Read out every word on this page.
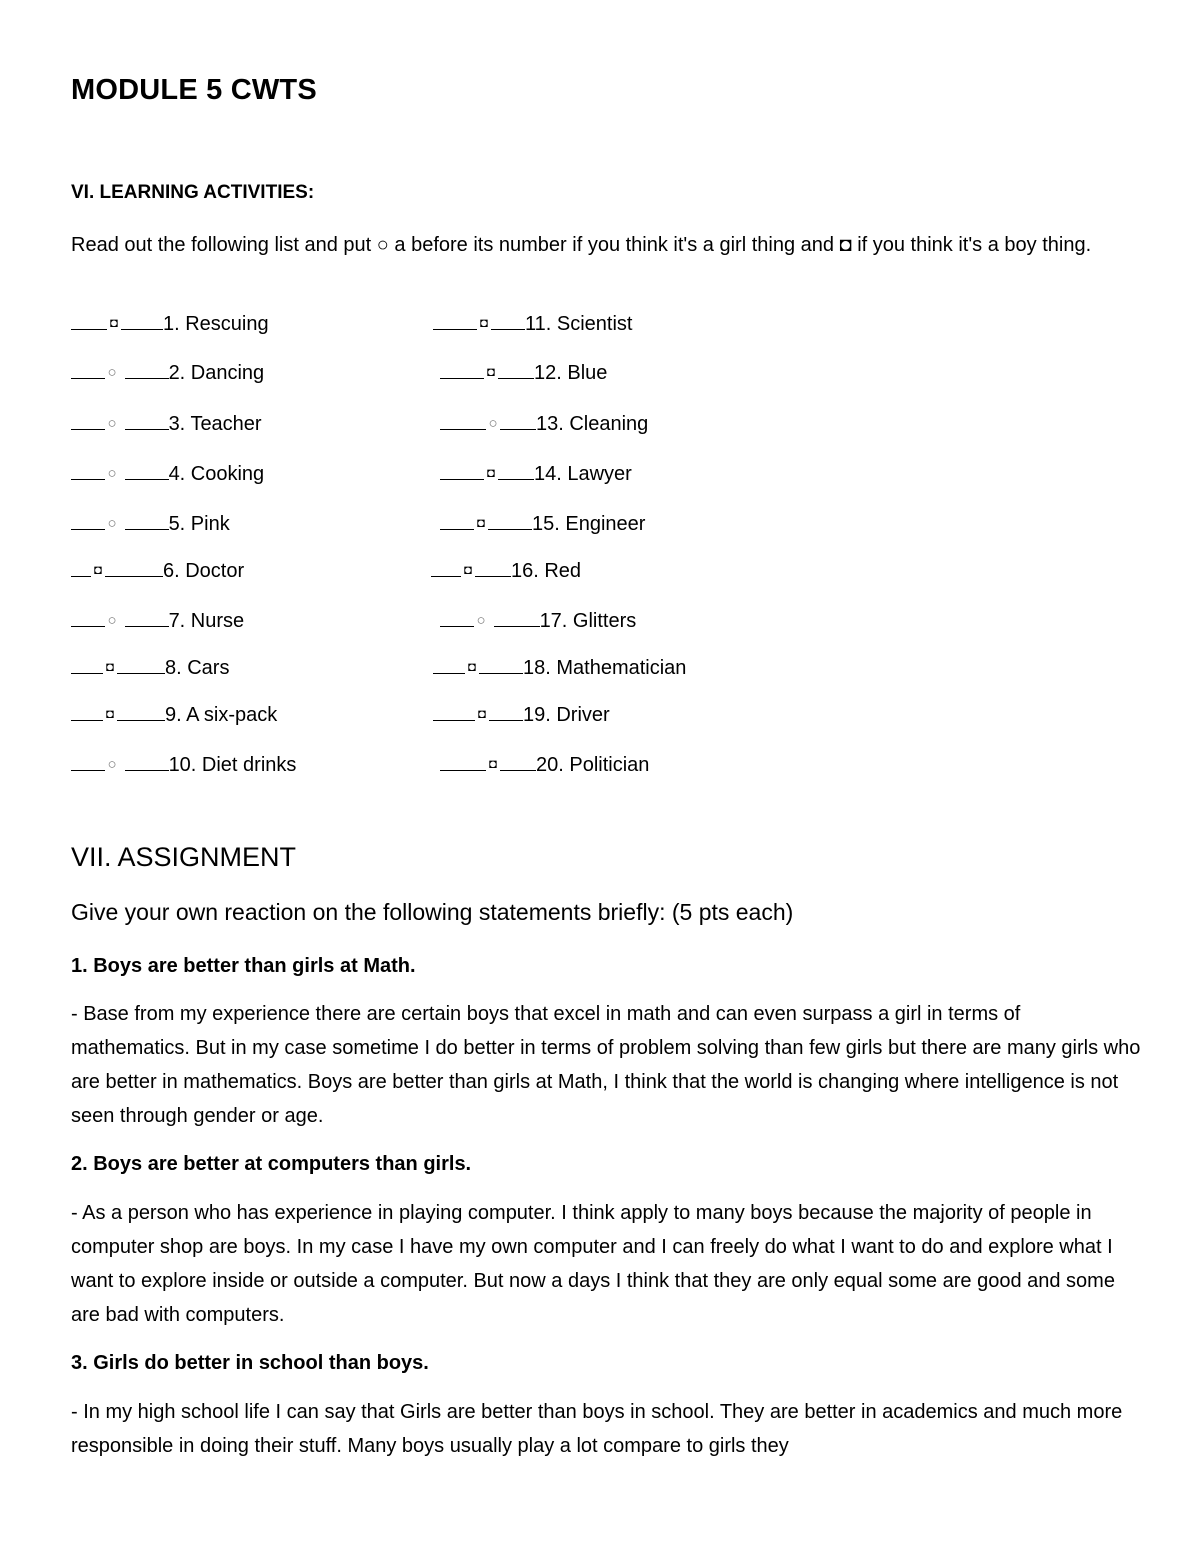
MODULE 5 CWTS
VI. LEARNING ACTIVITIES:

Read out the following list and put ○ a before its number if you think it's a girl thing and ◘ if you think it's a boy thing.

◘ 1. Rescuing
○	2. Dancing
○	3. Teacher
○	4. Cooking
○	5. Pink
◘	6. Doctor
○	7. Nurse
◘	8. Cars
◘	9. A six-pack
○	10. Diet drinks
◘ 11. Scientist
◘ 12. Blue
○ 13. Cleaning
◘ 14. Lawyer
◘ 15. Engineer
◘ 16. Red
○	17. Glitters
◘ 18. Mathematician
◘ 19. Driver
◘ 20. Politician
VII. ASSIGNMENT

Give your own reaction on the following statements briefly: (5 pts each)

1. Boys are better than girls at Math.

- Base from my experience there are certain boys that excel in math and can even surpass a girl in terms of mathematics. But in my case sometime I do better in terms of problem solving than few girls but there are many girls who are better in mathematics. Boys are better than girls at Math, I think that the world is changing where intelligence is not seen through gender or age.

2. Boys are better at computers than girls.

- As a person who has experience in playing computer. I think apply to many boys because the majority of people in computer shop are boys. In my case I have my own computer and I can freely do what I want to do and explore what I want to explore inside or outside a computer. But now a days I think that they are only equal some are good and some are bad with computers.

3. Girls do better in school than boys.

- In my high school life I can say that Girls are better than boys in school. They are better in academics and much more responsible in doing their stuff. Many boys usually play a lot compare to girls they
